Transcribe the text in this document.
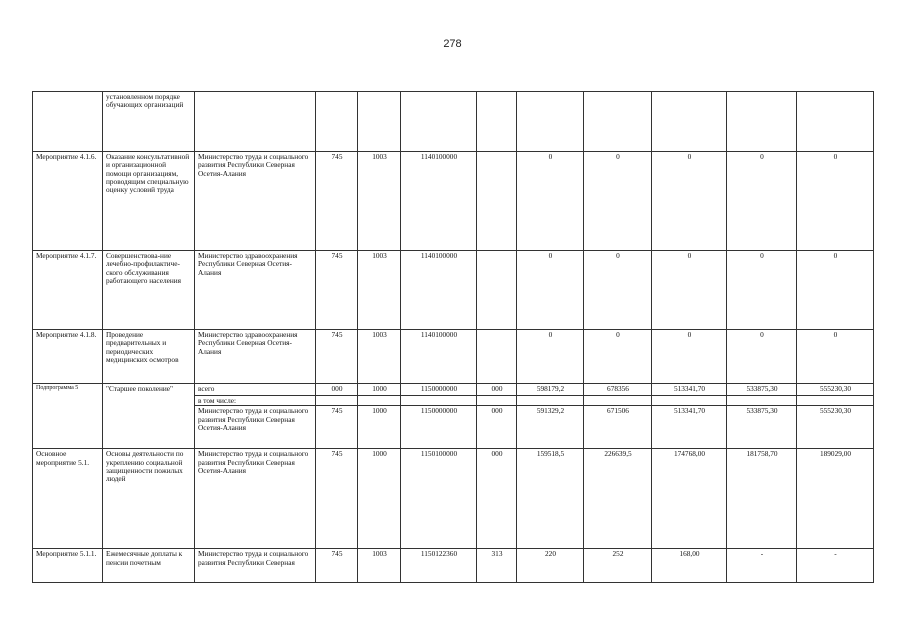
278
	установленном порядке обучающих организаций										
Мероприятие 4.1.6.	Оказание консультативной и организационной помощи организациям, проводящим специальную оценку условий труда	Министерство труда и социального развития Республики Северная Осетия-Алания	745	1003	1140100000		0	0	0	0	0
Мероприятие 4.1.7.	Совершенствова-ние лечебно-профилактиче-ского обслуживания работающего населения	Министерство здравоохранения Республики Северная Осетия-Алания	745	1003	1140100000		0	0	0	0	0
Мероприятие 4.1.8.	Проведение предварительных и периодических медицинских осмотров	Министерство здравоохранения Республики Северная Осетия-Алания	745	1003	1140100000		0	0	0	0	0
Подпрограмма 5	"Старшее поколение"	всего	000	1000	1150000000	000	598179,2	678356	513341,70	533875,30	555230,30
		в том числе:									
		Министерство труда и социального развития Республики Северная Осетия-Алания	745	1000	1150000000	000	591329,2	671506	513341,70	533875,30	555230,30
Основное мероприятие 5.1.	Основы деятельности по укреплению социальной защищенности пожилых людей	Министерство труда и социального развития Республики Северная Осетия-Алания	745	1000	1150100000	000	159518,5	226639,5	174768,00	181758,70	189029,00
Мероприятие 5.1.1.	Ежемесячные доплаты к пенсии почетным	Министерство труда и социального развития Республики Северная	745	1003	1150122360	313	220	252	168,00	-	-
